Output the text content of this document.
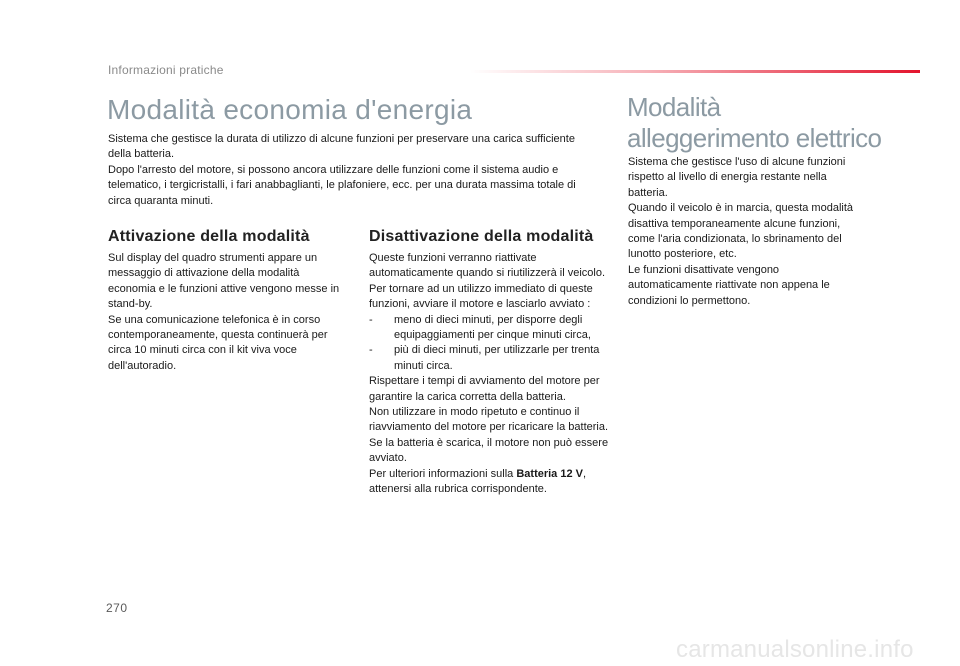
Informazioni pratiche
Modalità economia d'energia
Sistema che gestisce la durata di utilizzo di alcune funzioni per preservare una carica sufficiente della batteria.
Dopo l'arresto del motore, si possono ancora utilizzare delle funzioni come il sistema audio e telematico, i tergicristalli, i fari anabbaglianti, le plafoniere, ecc. per una durata massima totale di circa quaranta minuti.
Attivazione della modalità
Sul display del quadro strumenti appare un messaggio di attivazione della modalità economia e le funzioni attive vengono messe in stand-by.
Se una comunicazione telefonica è in corso contemporaneamente, questa continuerà per circa 10 minuti circa con il kit viva voce dell'autoradio.
Disattivazione della modalità
Queste funzioni verranno riattivate automaticamente quando si riutilizzerà il veicolo.
Per tornare ad un utilizzo immediato di queste funzioni, avviare il motore e lasciarlo avviato :
- meno di dieci minuti, per disporre degli equipaggiamenti per cinque minuti circa,
- più di dieci minuti, per utilizzarle per trenta minuti circa.
Rispettare i tempi di avviamento del motore per garantire la carica corretta della batteria.
Non utilizzare in modo ripetuto e continuo il riavviamento del motore per ricaricare la batteria.
Se la batteria è scarica, il motore non può essere avviato.
Per ulteriori informazioni sulla Batteria 12 V, attenersi alla rubrica corrispondente.
Modalità alleggerimento elettrico
Sistema che gestisce l'uso di alcune funzioni rispetto al livello di energia restante nella batteria.
Quando il veicolo è in marcia, questa modalità disattiva temporaneamente alcune funzioni, come l'aria condizionata, lo sbrinamento del lunotto posteriore, etc.
Le funzioni disattivate vengono automaticamente riattivate non appena le condizioni lo permettono.
270
carmanualsonline.info
